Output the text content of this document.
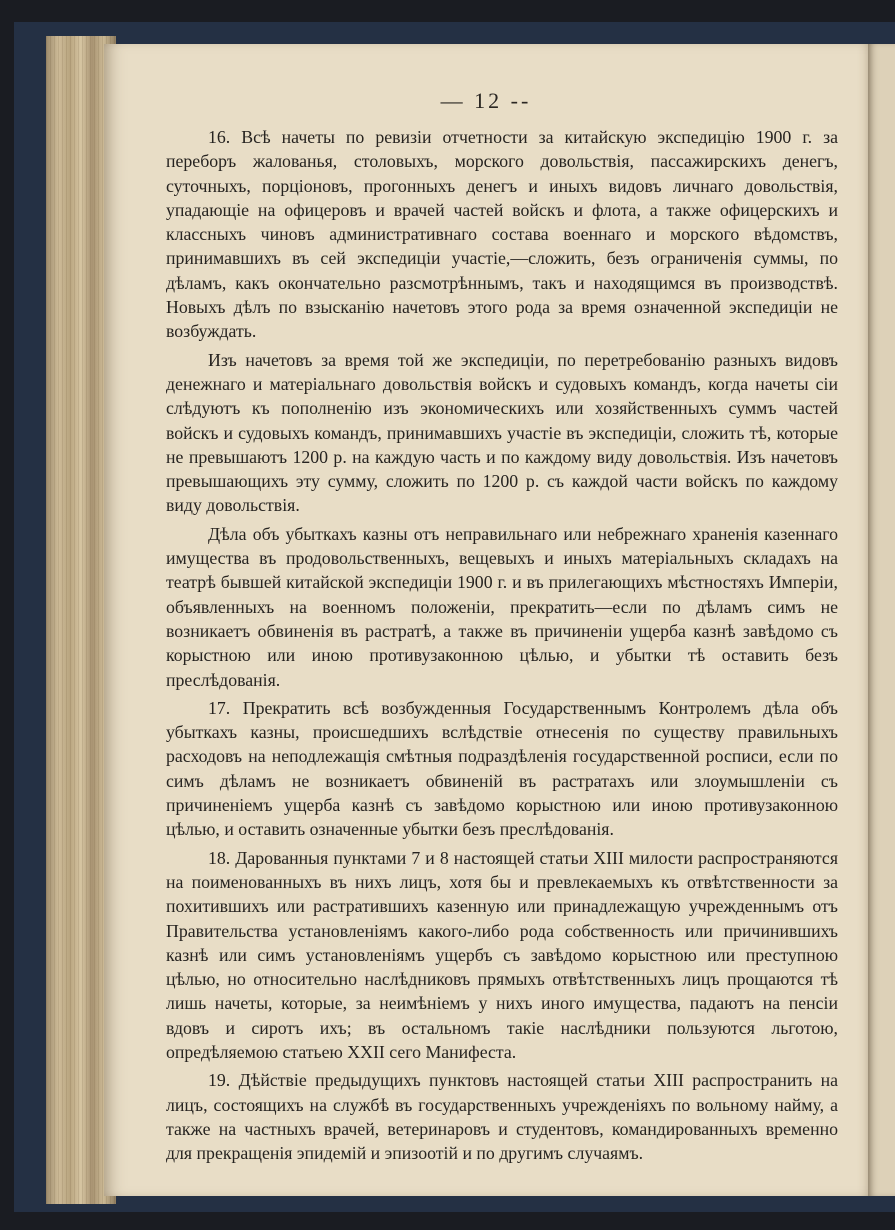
— 12 --

16. Всѣ начеты по ревизіи отчетности за китайскую экспедицію 1900 г. за переборъ жалованья, столовыхъ, морского довольствія, пассажирскихъ денегъ, суточныхъ, порціоновъ, прогонныхъ денегъ и иныхъ видовъ личнаго довольствія, упадающіе на офицеровъ и врачей частей войскъ и флота, а также офицерскихъ и классныхъ чиновъ административнаго состава военнаго и морского вѣдомствъ, принимавшихъ въ сей экспедиціи участіе,—сложить, безъ ограниченія суммы, по дѣламъ, какъ окончательно разсмотрѣннымъ, такъ и находящимся въ производствѣ. Новыхъ дѣлъ по взысканію начетовъ этого рода за время означенной экспедиціи не возбуждать.

Изъ начетовъ за время той же экспедиціи, по перетребованію разныхъ видовъ денежнаго и матеріальнаго довольствія войскъ и судовыхъ командъ, когда начеты сіи слѣдуютъ къ пополненію изъ экономическихъ или хозяйственныхъ суммъ частей войскъ и судовыхъ командъ, принимавшихъ участіе въ экспедиціи, сложить тѣ, которые не превышаютъ 1200 р. на каждую часть и по каждому виду довольствія. Изъ начетовъ превышающихъ эту сумму, сложить по 1200 р. съ каждой части войскъ по каждому виду довольствія.

Дѣла объ убыткахъ казны отъ неправильнаго или небрежнаго храненія казеннаго имущества въ продовольственныхъ, вещевыхъ и иныхъ матеріальныхъ складахъ на театрѣ бывшей китайской экспедиціи 1900 г. и въ прилегающихъ мѣстностяхъ Имперіи, объявленныхъ на военномъ положеніи, прекратить—если по дѣламъ симъ не возникаетъ обвиненія въ растратѣ, а также въ причиненіи ущерба казнѣ завѣдомо съ корыстною или иною противузаконною цѣлью, и убытки тѣ оставить безъ преслѣдованія.

17. Прекратить всѣ возбужденныя Государственнымъ Контролемъ дѣла объ убыткахъ казны, происшедшихъ вслѣдствіе отнесенія по существу правильныхъ расходовъ на неподлежащія смѣтныя подраздѣленія государственной росписи, если по симъ дѣламъ не возникаетъ обвиненій въ растратахъ или злоумышленіи съ причиненіемъ ущерба казнѣ съ завѣдомо корыстною или иною противузаконною цѣлью, и оставить означенные убытки безъ преслѣдованія.

18. Дарованныя пунктами 7 и 8 настоящей статьи XIII милости распространяются на поименованныхъ въ нихъ лицъ, хотя бы и превлекаемыхъ къ отвѣтственности за похитившихъ или растратившихъ казенную или принадлежащую учрежденнымъ отъ Правительства установленіямъ какого-либо рода собственность или причинившихъ казнѣ или симъ установленіямъ ущербъ съ завѣдомо корыстною или преступною цѣлью, но относительно наслѣдниковъ прямыхъ отвѣтственныхъ лицъ прощаются тѣ лишь начеты, которые, за неимѣніемъ у нихъ иного имущества, падаютъ на пенсіи вдовъ и сиротъ ихъ; въ остальномъ такіе наслѣдники пользуются льготою, опредѣляемою статьею XXII сего Манифеста.

19. Дѣйствіе предыдущихъ пунктовъ настоящей статьи XIII распространить на лицъ, состоящихъ на службѣ въ государственныхъ учрежденіяхъ по вольному найму, а также на частныхъ врачей, ветеринаровъ и студентовъ, командированныхъ временно для прекращенія эпидемій и эпизоотій и по другимъ случаямъ.
